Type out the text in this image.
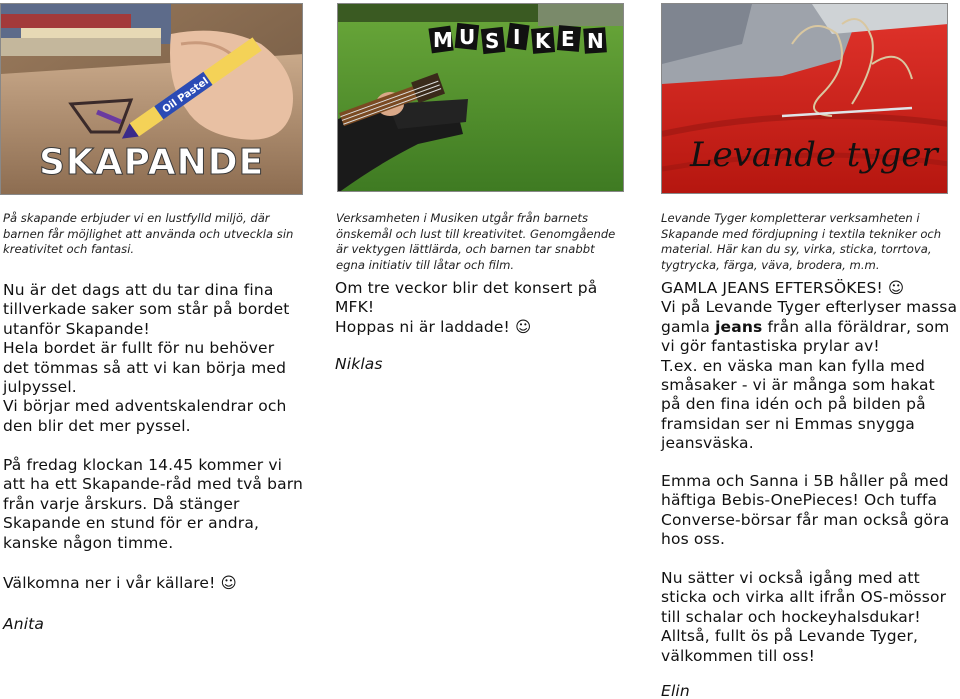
Oil Pastel
SKAPANDE
M U S I K E N
Levande tyger
På skapande erbjuder vi en lustfylld miljö, där barnen får möjlighet att använda och utveckla sin kreativitet och fantasi.

Nu är det dags att du tar dina fina tillverkade saker som står på bordet utanför Skapande!

Hela bordet är fullt för nu behöver det tömmas så att vi kan börja med julpyssel.

Vi börjar med adventskalendrar och den blir det mer pyssel.

På fredag klockan 14.45 kommer vi att ha ett Skapande-råd med två barn från varje årskurs. Då stänger Skapande en stund för er andra, kanske någon timme.
Välkomna ner i vår källare! ☺
Anita
Verksamheten i Musiken utgår från barnets önskemål och lust till kreativitet. Genomgående är vektygen lättlärda, och barnen tar snabbt egna initiativ till låtar och film.

Om tre veckor blir det konsert på MFK!

Hoppas ni är laddade! ☺

Niklas
Levande Tyger kompletterar verksamheten i Skapande med fördjupning i textila tekniker och material. Här kan du sy, virka, sticka, torrtova, tygtrycka, färga, väva, brodera, m.m.

GAMLA JEANS EFTERSÖKES! ☺

Vi på Levande Tyger efterlyser massa gamla jeans från alla föräldrar, som vi gör fantastiska prylar av!

T.ex. en väska man kan fylla med småsaker - vi är många som hakat på den fina idén och på bilden på framsidan ser ni Emmas snygga jeansväska.

Emma och Sanna i 5B håller på med häftiga Bebis-OnePieces! Och tuffa Converse-börsar får man också göra hos oss.
Nu sätter vi också igång med att sticka och virka allt ifrån OS-mössor till schalar och hockeyhalsdukar! Alltså, fullt ös på Levande Tyger, välkommen till oss!
Elin
